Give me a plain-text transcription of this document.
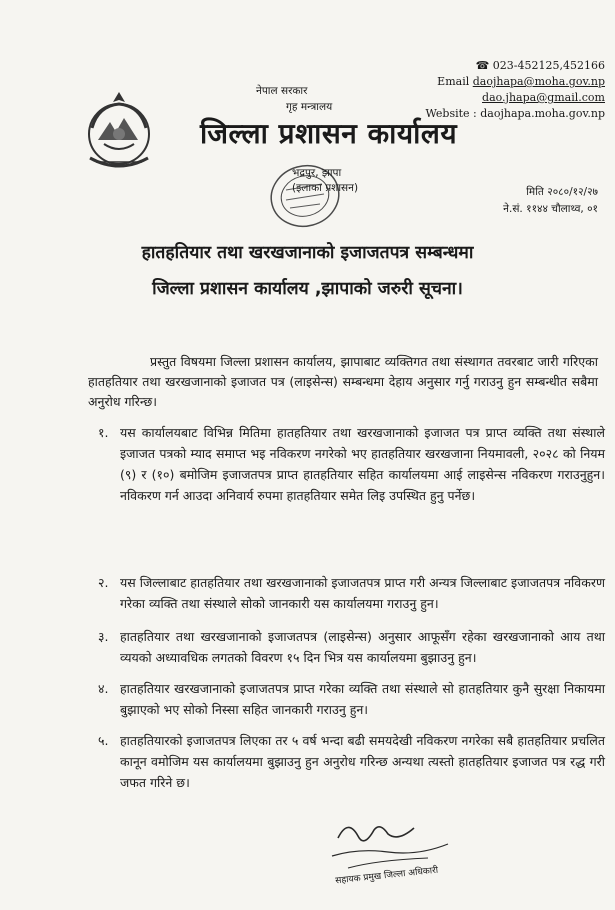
नेपाल सरकार
गृह मन्त्रालय
☎ 023-452125,452166
Email daojhapa@moha.gov.np
dao.jhapa@gmail.com
Website : daojhapa.moha.gov.np
जिल्ला प्रशासन कार्यालय
भद्रपुर, झापा
(इलाका प्रशासन)	मिति २०८०/१२/२७
ने.सं. ११४४ चौलाथ्व, ०१
हातहतियार तथा खरखजानाको इजाजतपत्र सम्बन्धमा
जिल्ला प्रशासन कार्यालय ,झापाको जरुरी सूचना।
प्रस्तुत विषयमा जिल्ला प्रशासन कार्यालय, झापाबाट व्यक्तिगत तथा संस्थागत तवरबाट जारी गरिएका हातहतियार तथा खरखजानाको इजाजत पत्र (लाइसेन्स) सम्बन्धमा देहाय अनुसार गर्नु गराउनु हुन सम्बन्धीत सबैमा अनुरोध गरिन्छ।
१. यस कार्यालयबाट विभिन्न मितिमा हातहतियार तथा खरखजानाको इजाजत पत्र प्राप्त व्यक्ति तथा संस्थाले इजाजत पत्रको म्याद समाप्त भइ नविकरण नगरेको भए हातहतियार खरखजाना नियमावली, २०२८ को नियम (९) र (१०) बमोजिम इजाजतपत्र प्राप्त हातहतियार सहित कार्यालयमा आई लाइसेन्स नविकरण गराउनुहुन। नविकरण गर्न आउदा अनिवार्य रुपमा हातहतियार समेत लिइ उपस्थित हुनु पर्नेछ।
२. यस जिल्लाबाट हातहतियार तथा खरखजानाको इजाजतपत्र प्राप्त गरी अन्यत्र जिल्लाबाट इजाजतपत्र नविकरण गरेका व्यक्ति तथा संस्थाले सोको जानकारी यस कार्यालयमा गराउनु हुन।
३. हातहतियार तथा खरखजानाको इजाजतपत्र (लाइसेन्स) अनुसार आफूसँग रहेका खरखजानाको आय तथा व्ययको अध्यावधिक लगतको विवरण १५ दिन भित्र यस कार्यालयमा बुझाउनु हुन।
४. हातहतियार खरखजानाको इजाजतपत्र प्राप्त गरेका व्यक्ति तथा संस्थाले सो हातहतियार कुनै सुरक्षा निकायमा बुझाएको भए सोको निस्सा सहित जानकारी गराउनु हुन।
५. हातहतियारको इजाजतपत्र लिएका तर ५ वर्ष भन्दा बढी समयदेखी नविकरण नगरेका सबै हातहतियार प्रचलित कानून वमोजिम यस कार्यालयमा बुझाउनु हुन अनुरोध गरिन्छ अन्यथा त्यस्तो हातहतियार इजाजत पत्र रद्ध गरी जफत गरिने छ।
सहायक प्रमुख जिल्ला अधिकारी
